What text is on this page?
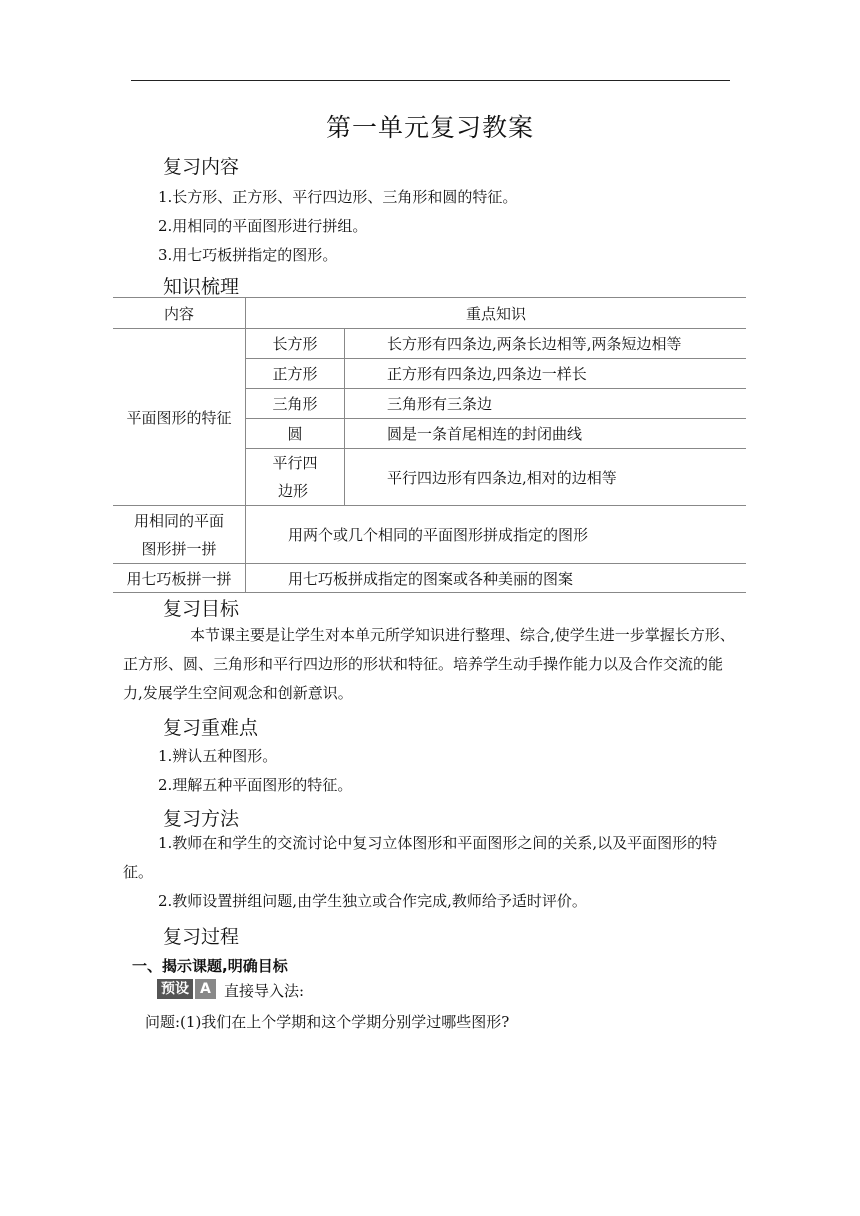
第一单元复习教案
复习内容
1.长方形、正方形、平行四边形、三角形和圆的特征。
2.用相同的平面图形进行拼组。
3.用七巧板拼指定的图形。
知识梳理
内容	重点知识	
平面图形的特征	长方形	长方形有四条边,两条长边相等,两条短边相等
	正方形	正方形有四条边,四条边一样长
	三角形	三角形有三条边
	圆	圆是一条首尾相连的封闭曲线

	平行四
边形	平行四边形有四条边,相对的边相等

用相同的平面
图形拼一拼	用两个或几个相同的平面图形拼成指定的图形	
用七巧板拼一拼	用七巧板拼成指定的图案或各种美丽的图案	
复习目标
本节课主要是让学生对本单元所学知识进行整理、综合,使学生进一步掌握长方形、正方形、圆、三角形和平行四边形的形状和特征。培养学生动手操作能力以及合作交流的能力,发展学生空间观念和创新意识。
复习重难点
1.辨认五种图形。
2.理解五种平面图形的特征。
复习方法
1.教师在和学生的交流讨论中复习立体图形和平面图形之间的关系,以及平面图形的特征。
2.教师设置拼组问题,由学生独立或合作完成,教师给予适时评价。
复习过程
一、揭示课题,明确目标
预设 A 直接导入法:
问题:(1)我们在上个学期和这个学期分别学过哪些图形?
